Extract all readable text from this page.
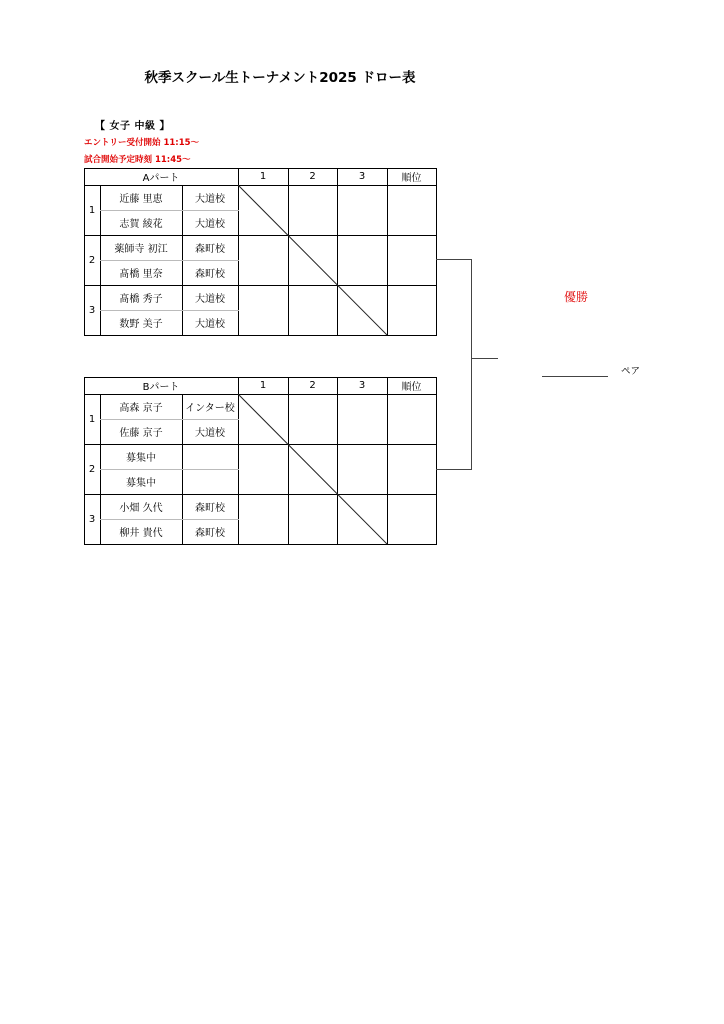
秋季スクール生トーナメント2025 ドロー表
【 女子 中級 】
エントリー受付開始 11:15～
試合開始予定時刻 11:45～
Aパート	1	2	3	順位
1
近藤 里恵	大道校
志賀 綾花	大道校
2
薬師寺 初江	森町校
髙橋 里奈	森町校
3
髙橋 秀子	大道校
数野 美子	大道校
Bパート	1	2	3	順位
1
高森 京子	インター校
佐藤 京子	大道校
2
募集中
募集中
3
小畑 久代	森町校
柳井 貴代	森町校
優勝
ペア
